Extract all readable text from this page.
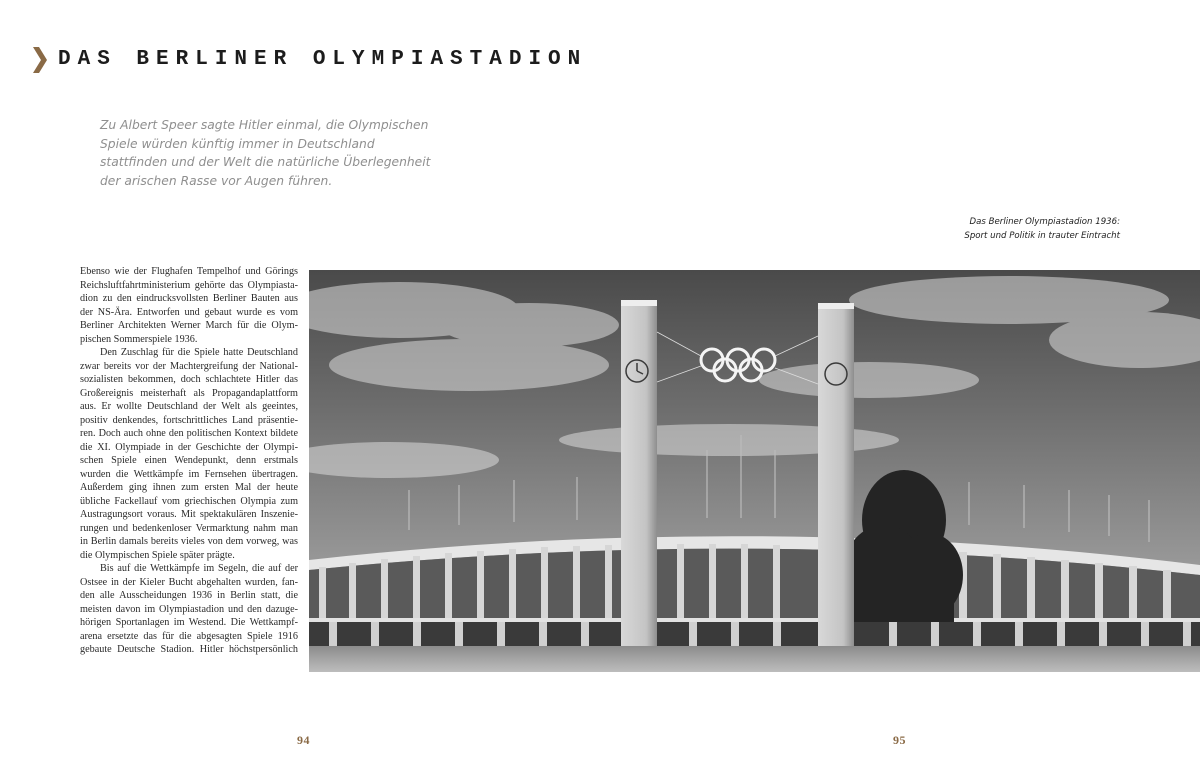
DAS BERLINER OLYMPIASTADION
Zu Albert Speer sagte Hitler einmal, die Olympischen
Spiele würden künftig immer in Deutschland
stattfinden und der Welt die natürliche Überlegenheit
der arischen Rasse vor Augen führen.
Das Berliner Olympiastadion 1936:
Sport und Politik in trauter Eintracht

Ebenso wie der Flughafen Tempelhof und Görings
Reichsluftfahrtministerium gehörte das Olympiasta-
dion zu den eindrucksvollsten Berliner Bauten aus
der NS-Ära. Entworfen und gebaut wurde es vom
Berliner Architekten Werner March für die Olym-
pischen Sommerspiele 1936.

Den Zuschlag für die Spiele hatte Deutschland
zwar bereits vor der Machtergreifung der National-
sozialisten bekommen, doch schlachtete Hitler das
Großereignis meisterhaft als Propagandaplattform
aus. Er wollte Deutschland der Welt als geeintes,
positiv denkendes, fortschrittliches Land präsentie-
ren. Doch auch ohne den politischen Kontext bildete
die XI. Olympiade in der Geschichte der Olympi-
schen Spiele einen Wendepunkt, denn erstmals
wurden die Wettkämpfe im Fernsehen übertragen.
Außerdem ging ihnen zum ersten Mal der heute
übliche Fackellauf vom griechischen Olympia zum
Austragungsort voraus. Mit spektakulären Inszenie-
rungen und bedenkenloser Vermarktung nahm man
in Berlin damals bereits vieles von dem vorweg, was
die Olympischen Spiele später prägte.

Bis auf die Wettkämpfe im Segeln, die auf der
Ostsee in der Kieler Bucht abgehalten wurden, fan-
den alle Ausscheidungen 1936 in Berlin statt, die
meisten davon im Olympiastadion und den dazuge-
hörigen Sportanlagen im Westend. Die Wettkampf-
arena ersetzte das für die abgesagten Spiele 1916
gebaute Deutsche Stadion. Hitler höchstpersönlich

94	95
